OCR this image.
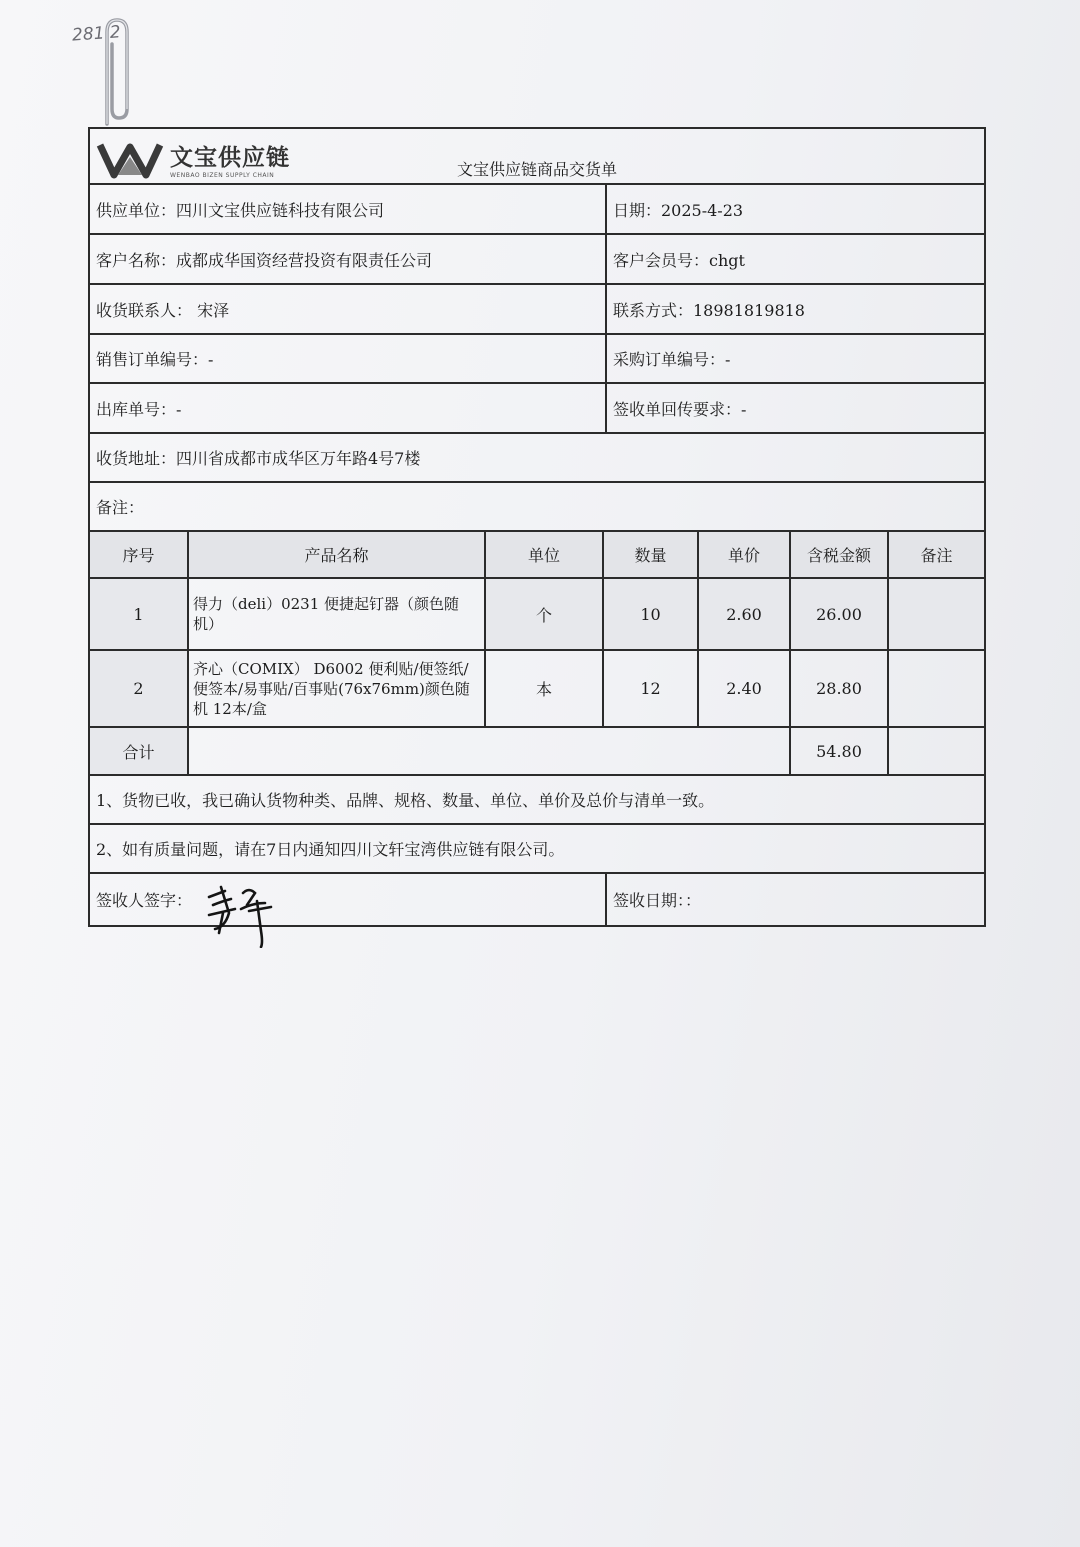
281·2
文宝供应链
WENBAO BIZEN SUPPLY CHAIN	文宝供应链商品交货单
供应单位：四川文宝供应链科技有限公司	日期：2025-4-23
客户名称：成都成华国资经营投资有限责任公司	客户会员号：chgt
收货联系人： 宋泽	联系方式：18981819818
销售订单编号：-	采购订单编号：-
出库单号：-	签收单回传要求：-
收货地址：四川省成都市成华区万年路4号7楼
备注：
序号	产品名称	单位	数量	单价	含税金额	备注
1	得力（deli）0231 便捷起钉器（颜色随机）	个	10	2.60	26.00	
2	齐心（COMIX） D6002 便利贴/便签纸/便签本/易事贴/百事贴(76x76mm)颜色随机 12本/盒	本	12	2.40	28.80	
合计					54.80	
1、货物已收，我已确认货物种类、品牌、规格、数量、单位、单价及总价与清单一致。
2、如有质量问题，请在7日内通知四川文轩宝湾供应链有限公司。
签收人签字：	签收日期：：
